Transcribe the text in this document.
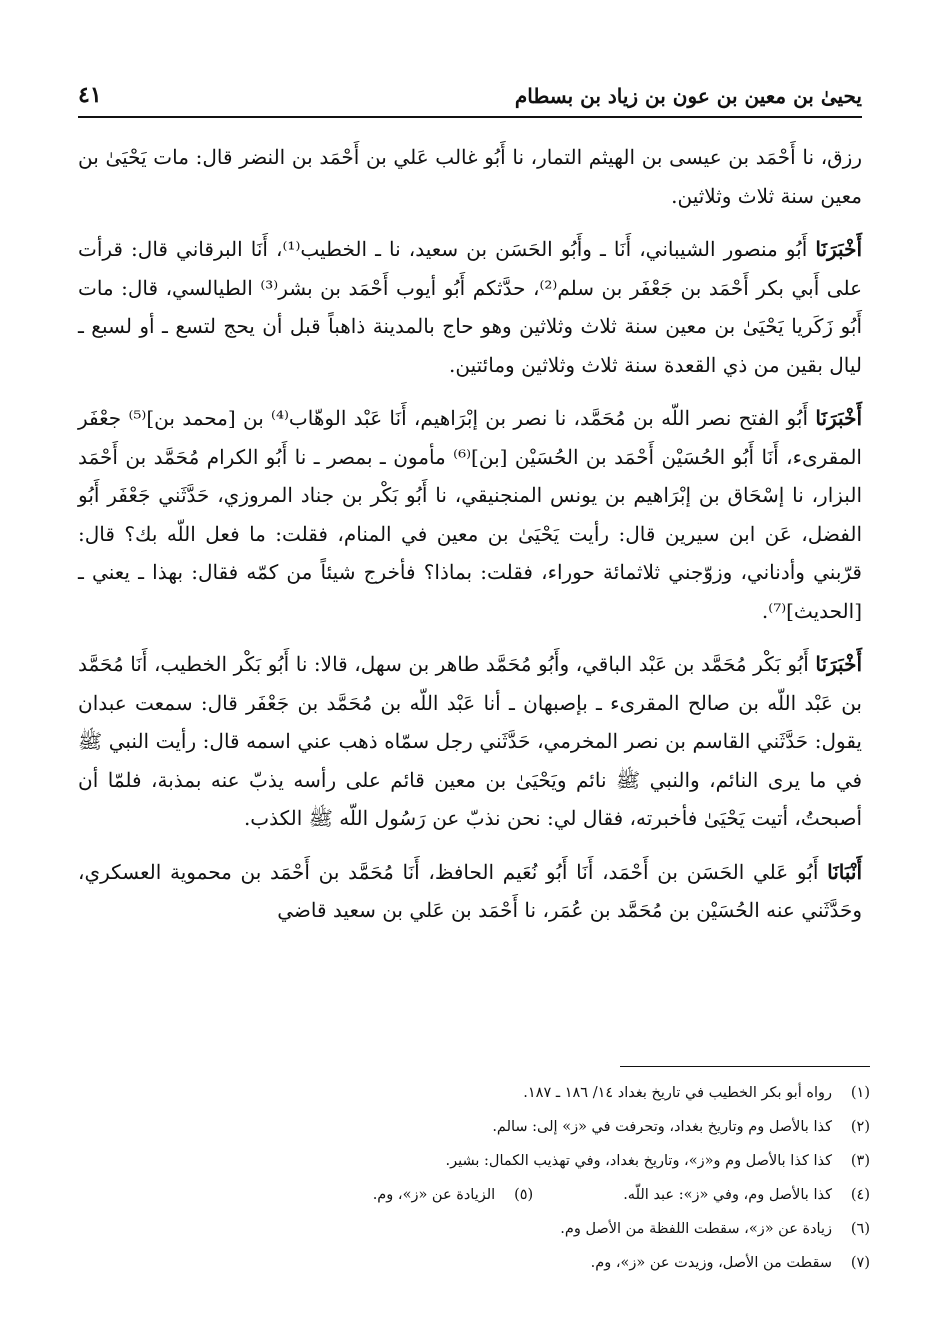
يحيىٰ بن معين بن عون بن زياد بن بسطام
٤١

رزق، نا أَحْمَد بن عيسى بن الهيثم التمار، نا أَبُو غالب عَلي بن أَحْمَد بن النضر قال: مات يَحْيَىٰ بن معين سنة ثلاث وثلاثين.

أَخْبَرَنَا أَبُو منصور الشيباني، أَنَا ـ وأَبُو الحَسَن بن سعيد، نا ـ الخطيب⁽¹⁾، أَنَا البرقاني قال: قرأت على أَبي بكر أَحْمَد بن جَعْفَر بن سلم⁽²⁾، حدَّثكم أَبُو أيوب أَحْمَد بن بشر⁽³⁾ الطيالسي، قال: مات أَبُو زَكَريا يَحْيَىٰ بن معين سنة ثلاث وثلاثين وهو حاج بالمدينة ذاهباً قبل أن يحج لتسع ـ أو لسبع ـ ليال بقين من ذي القعدة سنة ثلاث وثلاثين ومائتين.

أَخْبَرَنَا أَبُو الفتح نصر اللّه بن مُحَمَّد، نا نصر بن إبْرَاهيم، أَنَا عَبْد الوهّاب⁽⁴⁾ بن [محمد بن]⁽⁵⁾ جعْفَر المقرىء، أَنَا أَبُو الحُسَيْن أَحْمَد بن الحُسَيْن [بن]⁽⁶⁾ مأمون ـ بمصر ـ نا أَبُو الكرام مُحَمَّد بن أَحْمَد البزار، نا إسْحَاق بن إبْرَاهيم بن يونس المنجنيقي، نا أَبُو بَكْر بن جناد المروزي، حَدَّثَني جَعْفَر أَبُو الفضل، عَن ابن سيرين قال: رأيت يَحْيَىٰ بن معين في المنام، فقلت: ما فعل اللّه بك؟ قال: قرّبني وأدناني، وزوّجني ثلاثمائة حوراء، فقلت: بماذا؟ فأخرج شيئاً من كمّه فقال: بهذا ـ يعني ـ [الحديث]⁽⁷⁾.

أَخْبَرَنَا أَبُو بَكْر مُحَمَّد بن عَبْد الباقي، وأَبُو مُحَمَّد طاهر بن سهل، قالا: نا أَبُو بَكْر الخطيب، أَنَا مُحَمَّد بن عَبْد اللّه بن صالح المقرىء ـ بإصبهان ـ أنا عَبْد اللّه بن مُحَمَّد بن جَعْفَر قال: سمعت عبدان يقول: حَدَّثَني القاسم بن نصر المخرمي، حَدَّثَني رجل سمّاه ذهب عني اسمه قال: رأيت النبي ﷺ في ما يرى النائم، والنبي ﷺ نائم ويَحْيَىٰ بن معين قائم على رأسه يذبّ عنه بمذبة، فلمّا أن أصبحتُ، أتيت يَحْيَىٰ فأخبرته، فقال لي: نحن نذبّ عن رَسُول اللّه ﷺ الكذب.

أَنْبَانَا أَبُو عَلي الحَسَن بن أَحْمَد، أَنَا أَبُو نُعَيم الحافظ، أَنَا مُحَمَّد بن أَحْمَد بن محموية العسكري، وحَدَّثَني عنه الحُسَيْن بن مُحَمَّد بن عُمَر، نا أَحْمَد بن عَلي بن سعيد قاضي

(١)
رواه أبو بكر الخطيب في تاريخ بغداد ١٤/ ١٨٦ ـ ١٨٧.
(٢)
كذا بالأصل وم وتاريخ بغداد، وتحرفت في «ز» إلى: سالم.
(٣)
كذا كذا بالأصل وم و«ز»، وتاريخ بغداد، وفي تهذيب الكمال: بشير.
(٤)
كذا بالأصل وم، وفي «ز»: عبد اللّه.
(٥)
الزيادة عن «ز»، وم.
(٦)
زيادة عن «ز»، سقطت اللفظة من الأصل وم.
(٧)
سقطت من الأصل، وزيدت عن «ز»، وم.
